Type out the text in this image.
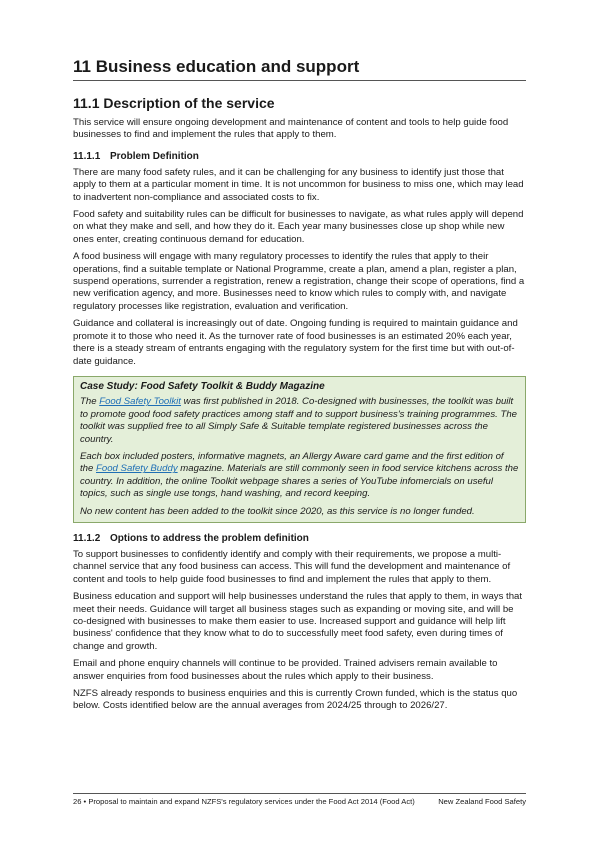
11 Business education and support
11.1 Description of the service

This service will ensure ongoing development and maintenance of content and tools to help guide food businesses to find and implement the rules that apply to them.

11.1.1 Problem Definition

There are many food safety rules, and it can be challenging for any business to identify just those that apply to them at a particular moment in time. It is not uncommon for business to miss one, which may lead to inadvertent non-compliance and associated costs to fix.

Food safety and suitability rules can be difficult for businesses to navigate, as what rules apply will depend on what they make and sell, and how they do it. Each year many businesses close up shop while new ones enter, creating continuous demand for education.

A food business will engage with many regulatory processes to identify the rules that apply to their operations, find a suitable template or National Programme, create a plan, amend a plan, register a plan, suspend operations, surrender a registration, renew a registration, change their scope of operations, find a new verification agency, and more. Businesses need to know which rules to comply with, and navigate regulatory processes like registration, evaluation and verification.

Guidance and collateral is increasingly out of date. Ongoing funding is required to maintain guidance and promote it to those who need it. As the turnover rate of food businesses is an estimated 20% each year, there is a steady stream of entrants engaging with the regulatory system for the first time but with out-of-date guidance.

Case Study: Food Safety Toolkit & Buddy Magazine

The Food Safety Toolkit was first published in 2018. Co-designed with businesses, the toolkit was built to promote good food safety practices among staff and to support business's training programmes. The toolkit was supplied free to all Simply Safe & Suitable template registered businesses across the country.

Each box included posters, informative magnets, an Allergy Aware card game and the first edition of the Food Safety Buddy magazine. Materials are still commonly seen in food service kitchens across the country. In addition, the online Toolkit webpage shares a series of YouTube infomercials on useful topics, such as single use tongs, hand washing, and record keeping.

No new content has been added to the toolkit since 2020, as this service is no longer funded.

11.1.2 Options to address the problem definition

To support businesses to confidently identify and comply with their requirements, we propose a multi-channel service that any food business can access. This will fund the development and maintenance of content and tools to help guide food businesses to find and implement the rules that apply to them.

Business education and support will help businesses understand the rules that apply to them, in ways that meet their needs. Guidance will target all business stages such as expanding or moving site, and will be co-designed with businesses to make them easier to use. Increased support and guidance will help lift business' confidence that they know what to do to successfully meet food safety, even during times of change and growth.

Email and phone enquiry channels will continue to be provided. Trained advisers remain available to answer enquiries from food businesses about the rules which apply to their business.

NZFS already responds to business enquiries and this is currently Crown funded, which is the status quo below. Costs identified below are the annual averages from 2024/25 through to 2026/27.

26 • Proposal to maintain and expand NZFS's regulatory services under the Food Act 2014 (Food Act)	New Zealand Food Safety
